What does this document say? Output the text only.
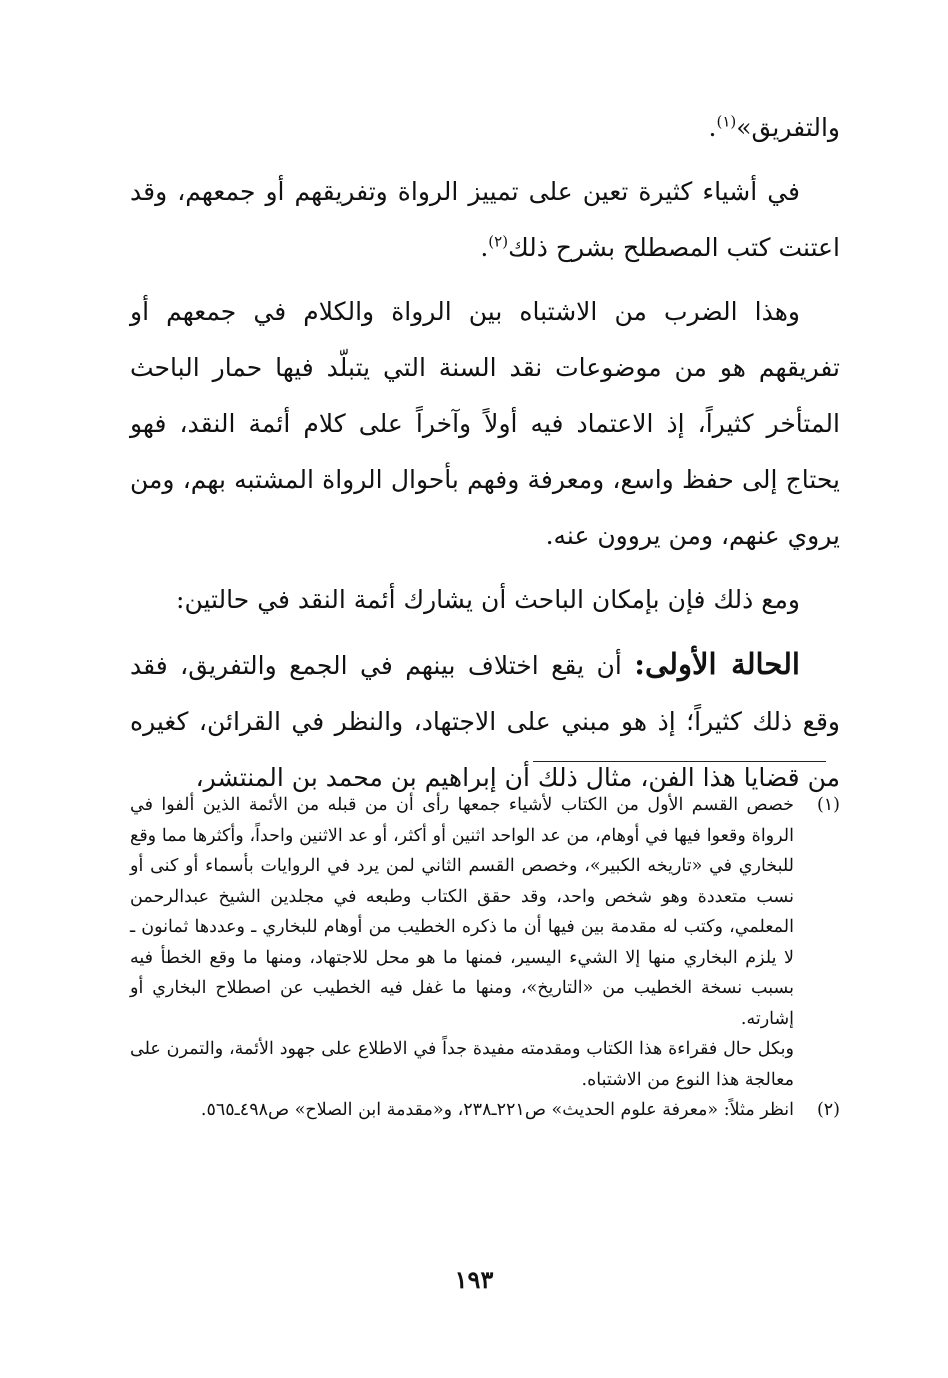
والتفريق»$^{(١)}$.

في أشياء كثيرة تعين على تمييز الرواة وتفريقهم أو جمعهم، وقد اعتنت كتب المصطلح بشرح ذلك$^{(٢)}$.

وهذا الضرب من الاشتباه بين الرواة والكلام في جمعهم أو تفريقهم هو من موضوعات نقد السنة التي يتبلّد فيها حمار الباحث المتأخر كثيراً، إذ الاعتماد فيه أولاً وآخراً على كلام أئمة النقد، فهو يحتاج إلى حفظ واسع، ومعرفة وفهم بأحوال الرواة المشتبه بهم، ومن يروي عنهم، ومن يروون عنه.

ومع ذلك فإن بإمكان الباحث أن يشارك أئمة النقد في حالتين:

الحالة الأولى: أن يقع اختلاف بينهم في الجمع والتفريق، فقد وقع ذلك كثيراً؛ إذ هو مبني على الاجتهاد، والنظر في القرائن، كغيره من قضايا هذا الفن، مثال ذلك أن إبراهيم بن محمد بن المنتشر،

(١)

خصص القسم الأول من الكتاب لأشياء جمعها رأى أن من قبله من الأئمة الذين ألفوا في الرواة وقعوا فيها في أوهام، من عد الواحد اثنين أو أكثر، أو عد الاثنين واحداً، وأكثرها مما وقع للبخاري في «تاريخه الكبير»، وخصص القسم الثاني لمن يرد في الروايات بأسماء أو كنى أو نسب متعددة وهو شخص واحد، وقد حقق الكتاب وطبعه في مجلدين الشيخ عبدالرحمن المعلمي، وكتب له مقدمة بين فيها أن ما ذكره الخطيب من أوهام للبخاري ـ وعددها ثمانون ـ لا يلزم البخاري منها إلا الشيء اليسير، فمنها ما هو محل للاجتهاد، ومنها ما وقع الخطأ فيه بسبب نسخة الخطيب من «التاريخ»، ومنها ما غفل فيه الخطيب عن اصطلاح البخاري أو إشارته.

وبكل حال فقراءة هذا الكتاب ومقدمته مفيدة جداً في الاطلاع على جهود الأئمة، والتمرن على معالجة هذا النوع من الاشتباه.

(٢)

انظر مثلاً: «معرفة علوم الحديث» ص٢٢١ـ٢٣٨، و«مقدمة ابن الصلاح» ص٤٩٨ـ٥٦٥.

١٩٣
